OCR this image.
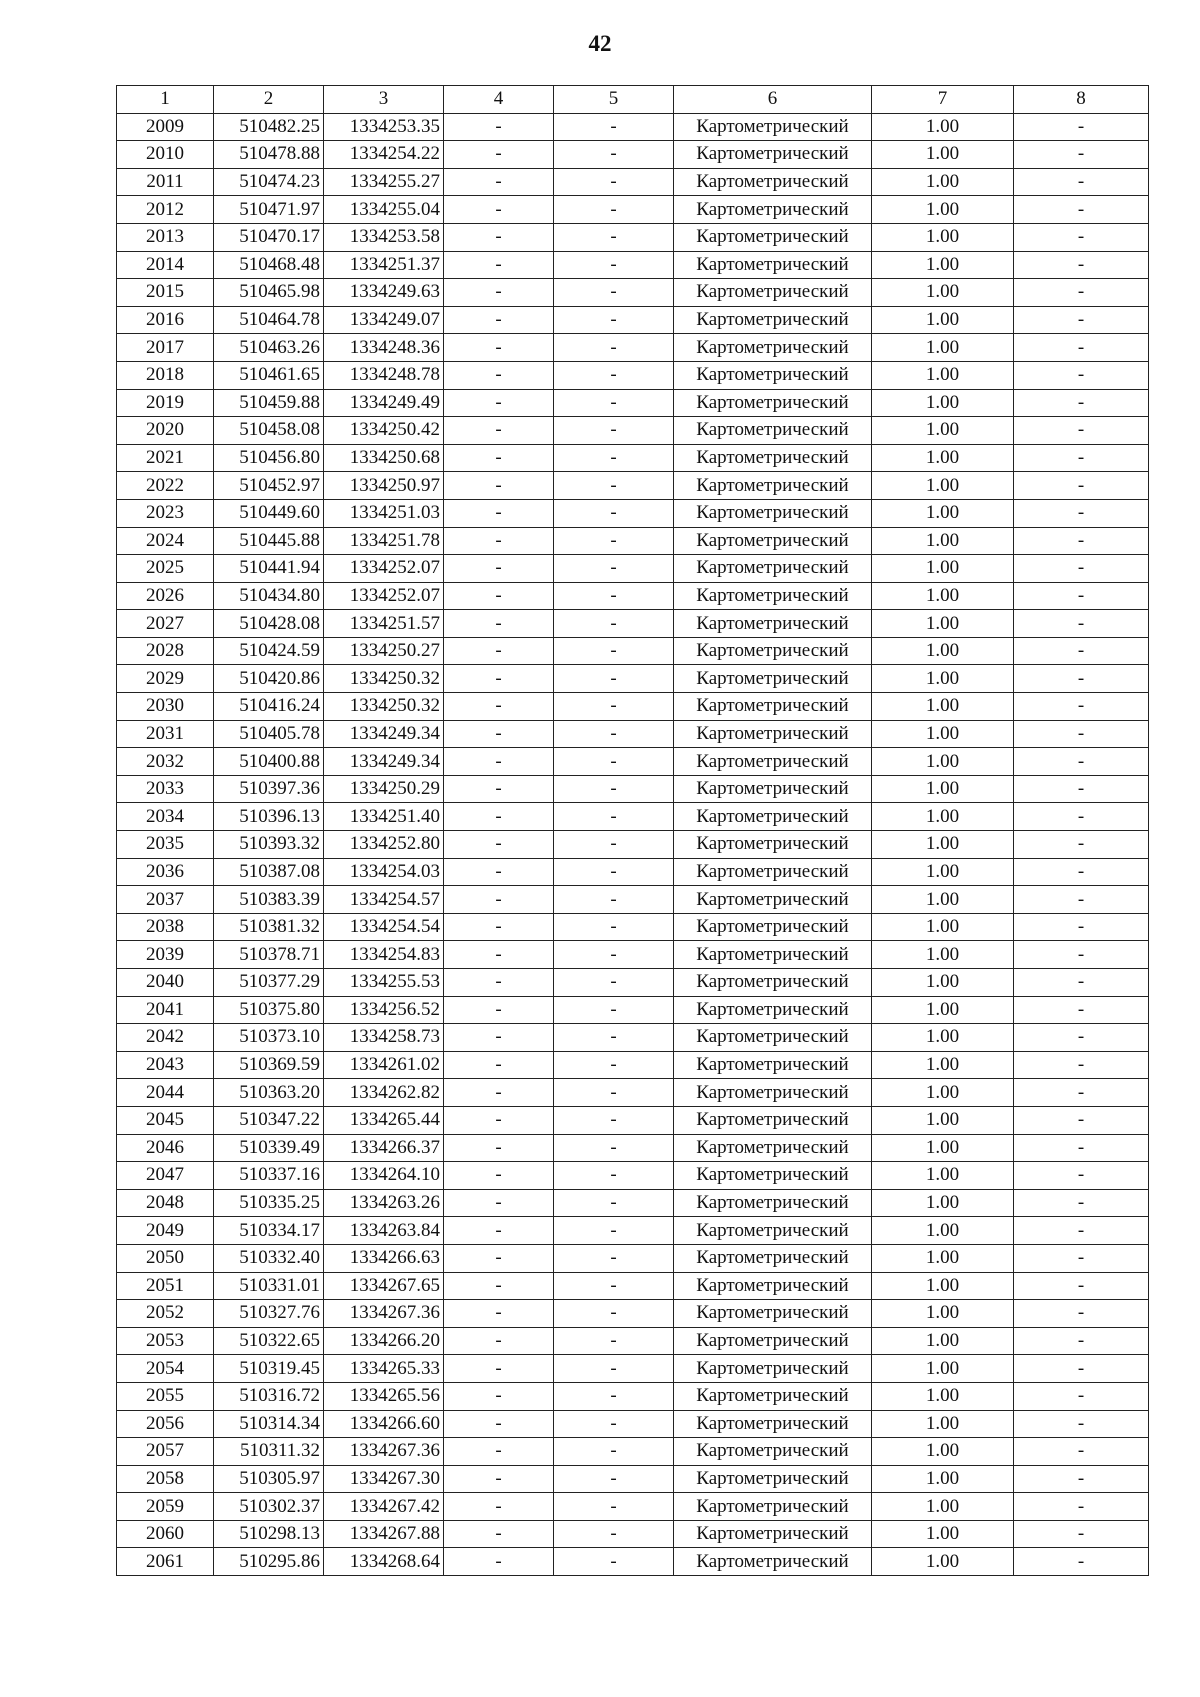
42
1	2	3	4	5	6	7	8
2009	510482.25	1334253.35	-	-	Картометрический	1.00	-
2010	510478.88	1334254.22	-	-	Картометрический	1.00	-
2011	510474.23	1334255.27	-	-	Картометрический	1.00	-
2012	510471.97	1334255.04	-	-	Картометрический	1.00	-
2013	510470.17	1334253.58	-	-	Картометрический	1.00	-
2014	510468.48	1334251.37	-	-	Картометрический	1.00	-
2015	510465.98	1334249.63	-	-	Картометрический	1.00	-
2016	510464.78	1334249.07	-	-	Картометрический	1.00	-
2017	510463.26	1334248.36	-	-	Картометрический	1.00	-
2018	510461.65	1334248.78	-	-	Картометрический	1.00	-
2019	510459.88	1334249.49	-	-	Картометрический	1.00	-
2020	510458.08	1334250.42	-	-	Картометрический	1.00	-
2021	510456.80	1334250.68	-	-	Картометрический	1.00	-
2022	510452.97	1334250.97	-	-	Картометрический	1.00	-
2023	510449.60	1334251.03	-	-	Картометрический	1.00	-
2024	510445.88	1334251.78	-	-	Картометрический	1.00	-
2025	510441.94	1334252.07	-	-	Картометрический	1.00	-
2026	510434.80	1334252.07	-	-	Картометрический	1.00	-
2027	510428.08	1334251.57	-	-	Картометрический	1.00	-
2028	510424.59	1334250.27	-	-	Картометрический	1.00	-
2029	510420.86	1334250.32	-	-	Картометрический	1.00	-
2030	510416.24	1334250.32	-	-	Картометрический	1.00	-
2031	510405.78	1334249.34	-	-	Картометрический	1.00	-
2032	510400.88	1334249.34	-	-	Картометрический	1.00	-
2033	510397.36	1334250.29	-	-	Картометрический	1.00	-
2034	510396.13	1334251.40	-	-	Картометрический	1.00	-
2035	510393.32	1334252.80	-	-	Картометрический	1.00	-
2036	510387.08	1334254.03	-	-	Картометрический	1.00	-
2037	510383.39	1334254.57	-	-	Картометрический	1.00	-
2038	510381.32	1334254.54	-	-	Картометрический	1.00	-
2039	510378.71	1334254.83	-	-	Картометрический	1.00	-
2040	510377.29	1334255.53	-	-	Картометрический	1.00	-
2041	510375.80	1334256.52	-	-	Картометрический	1.00	-
2042	510373.10	1334258.73	-	-	Картометрический	1.00	-
2043	510369.59	1334261.02	-	-	Картометрический	1.00	-
2044	510363.20	1334262.82	-	-	Картометрический	1.00	-
2045	510347.22	1334265.44	-	-	Картометрический	1.00	-
2046	510339.49	1334266.37	-	-	Картометрический	1.00	-
2047	510337.16	1334264.10	-	-	Картометрический	1.00	-
2048	510335.25	1334263.26	-	-	Картометрический	1.00	-
2049	510334.17	1334263.84	-	-	Картометрический	1.00	-
2050	510332.40	1334266.63	-	-	Картометрический	1.00	-
2051	510331.01	1334267.65	-	-	Картометрический	1.00	-
2052	510327.76	1334267.36	-	-	Картометрический	1.00	-
2053	510322.65	1334266.20	-	-	Картометрический	1.00	-
2054	510319.45	1334265.33	-	-	Картометрический	1.00	-
2055	510316.72	1334265.56	-	-	Картометрический	1.00	-
2056	510314.34	1334266.60	-	-	Картометрический	1.00	-
2057	510311.32	1334267.36	-	-	Картометрический	1.00	-
2058	510305.97	1334267.30	-	-	Картометрический	1.00	-
2059	510302.37	1334267.42	-	-	Картометрический	1.00	-
2060	510298.13	1334267.88	-	-	Картометрический	1.00	-
2061	510295.86	1334268.64	-	-	Картометрический	1.00	-
